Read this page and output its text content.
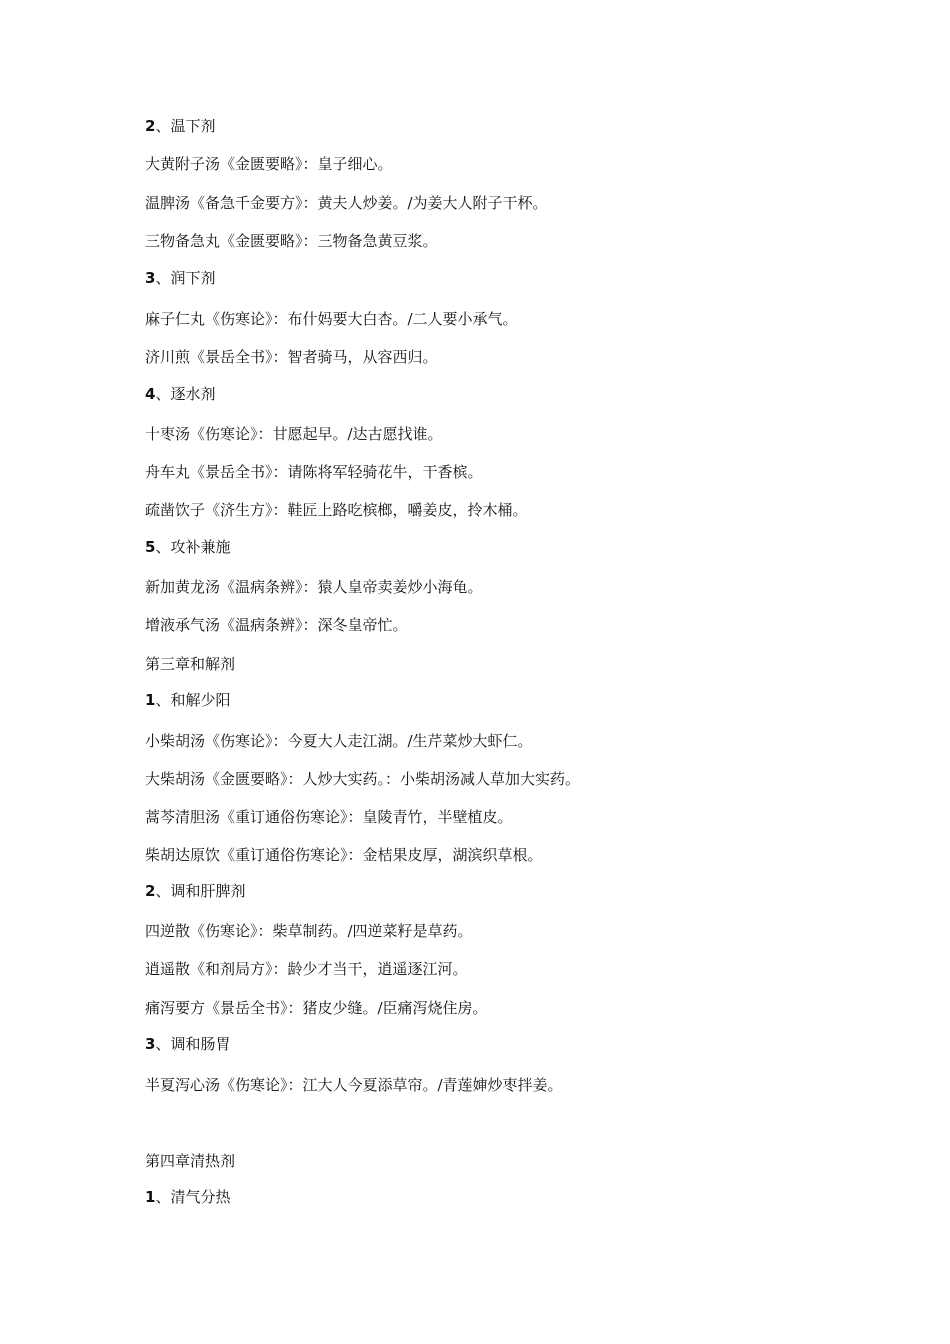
2、温下剂
大黄附子汤《金匮要略》：皇子细心。
温脾汤《备急千金要方》：黄夫人炒姜。/为姜大人附子干杯。
三物备急丸《金匮要略》：三物备急黄豆浆。
3、润下剂
麻子仁丸《伤寒论》：布什妈要大白杏。/二人要小承气。
济川煎《景岳全书》：智者骑马，从容西归。
4、逐水剂
十枣汤《伤寒论》：甘愿起早。/达古愿找谁。
舟车丸《景岳全书》：请陈将军轻骑花牛，干香槟。
疏凿饮子《济生方》：鞋匠上路吃槟榔，嚼姜皮，拎木桶。
5、攻补兼施
新加黄龙汤《温病条辨》：猿人皇帝卖姜炒小海龟。
增液承气汤《温病条辨》：深冬皇帝忙。
第三章和解剂
1、和解少阳
小柴胡汤《伤寒论》：今夏大人走江湖。/生芹菜炒大虾仁。
大柴胡汤《金匮要略》：人炒大实药。：小柴胡汤减人草加大实药。
蒿芩清胆汤《重订通俗伤寒论》：皇陵青竹，半壁植皮。
柴胡达原饮《重订通俗伤寒论》：金桔果皮厚，湖滨织草根。
2、调和肝脾剂
四逆散《伤寒论》：柴草制药。/四逆菜籽是草药。
逍遥散《和剂局方》：龄少才当干，逍遥逐江河。
痛泻要方《景岳全书》：猪皮少缝。/臣痛泻烧住房。
3、调和肠胃
半夏泻心汤《伤寒论》：江大人今夏添草帘。/青莲婶炒枣拌姜。
第四章清热剂
1、清气分热
